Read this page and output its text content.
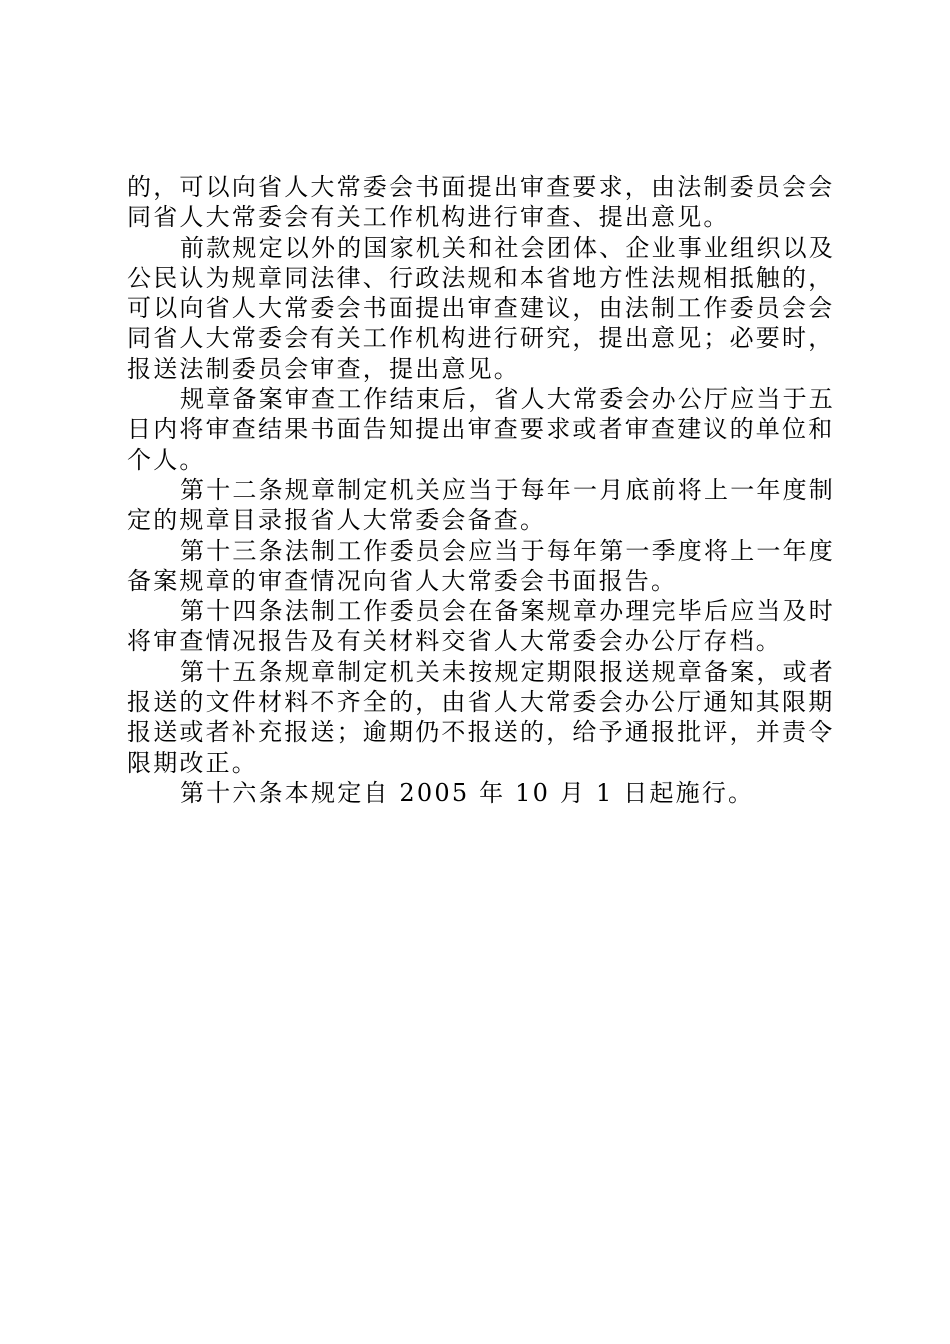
的，可以向省人大常委会书面提出审查要求，由法制委员会会
同省人大常委会有关工作机构进行审查、提出意见。
前款规定以外的国家机关和社会团体、企业事业组织以及
公民认为规章同法律、行政法规和本省地方性法规相抵触的，
可以向省人大常委会书面提出审查建议，由法制工作委员会会
同省人大常委会有关工作机构进行研究，提出意见；必要时，
报送法制委员会审查，提出意见。
规章备案审查工作结束后，省人大常委会办公厅应当于五
日内将审查结果书面告知提出审查要求或者审查建议的单位和
个人。
第十二条规章制定机关应当于每年一月底前将上一年度制
定的规章目录报省人大常委会备查。
第十三条法制工作委员会应当于每年第一季度将上一年度
备案规章的审查情况向省人大常委会书面报告。
第十四条法制工作委员会在备案规章办理完毕后应当及时
将审查情况报告及有关材料交省人大常委会办公厅存档。
第十五条规章制定机关未按规定期限报送规章备案，或者
报送的文件材料不齐全的，由省人大常委会办公厅通知其限期
报送或者补充报送；逾期仍不报送的，给予通报批评，并责令
限期改正。
第十六条本规定自 2005 年 10 月 1 日起施行。
